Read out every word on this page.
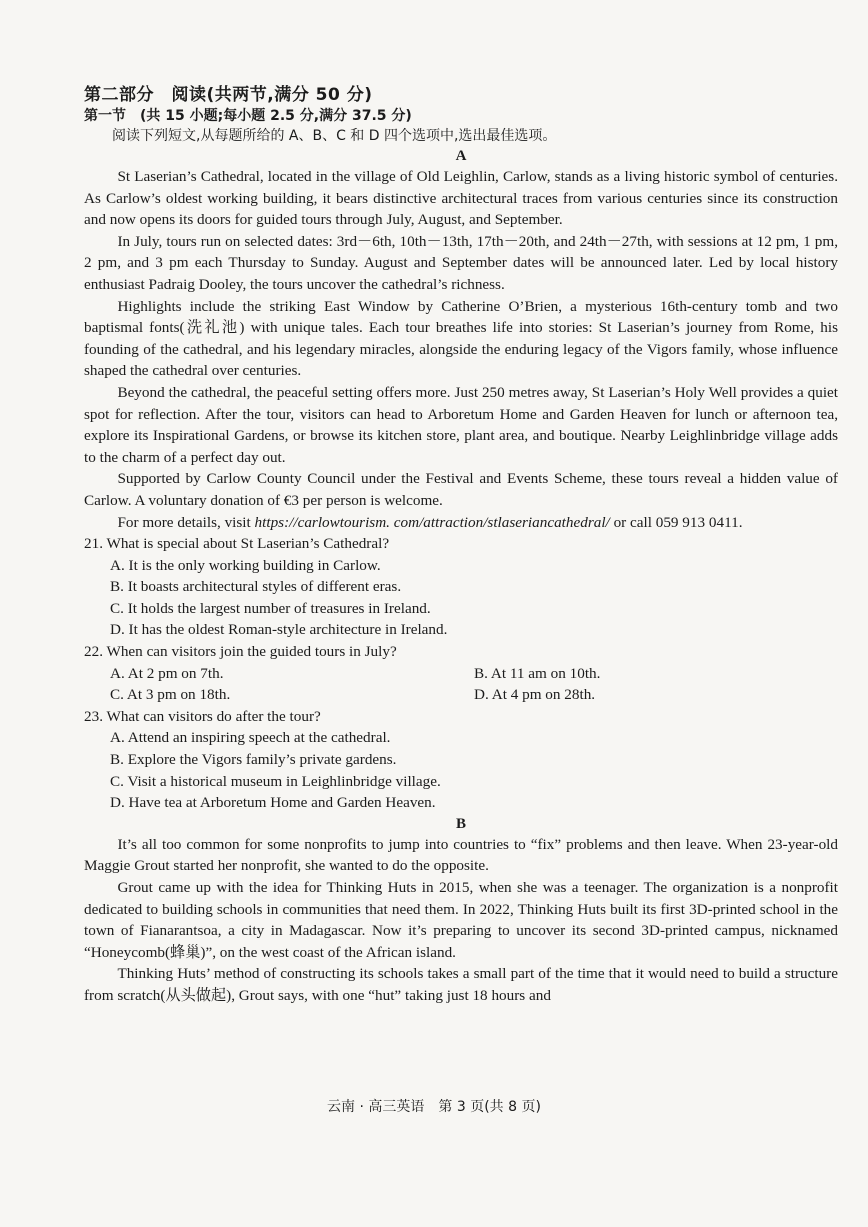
第二部分　阅读(共两节,满分 50 分)
第一节　(共 15 小题;每小题 2.5 分,满分 37.5 分)
阅读下列短文,从每题所给的 A、B、C 和 D 四个选项中,选出最佳选项。
A

St Laserian’s Cathedral, located in the village of Old Leighlin, Carlow, stands as a living historic symbol of centuries. As Carlow’s oldest working building, it bears distinctive architectural traces from various centuries since its construction and now opens its doors for guided tours through July, August, and September.

In July, tours run on selected dates: 3rd－6th, 10th－13th, 17th－20th, and 24th－27th, with sessions at 12 pm, 1 pm, 2 pm, and 3 pm each Thursday to Sunday. August and September dates will be announced later. Led by local history enthusiast Padraig Dooley, the tours uncover the cathedral’s richness.

Highlights include the striking East Window by Catherine O’Brien, a mysterious 16th-century tomb and two baptismal fonts(洗礼池) with unique tales. Each tour breathes life into stories: St Laserian’s journey from Rome, his founding of the cathedral, and his legendary miracles, alongside the enduring legacy of the Vigors family, whose influence shaped the cathedral over centuries.

Beyond the cathedral, the peaceful setting offers more. Just 250 metres away, St Laserian’s Holy Well provides a quiet spot for reflection. After the tour, visitors can head to Arboretum Home and Garden Heaven for lunch or afternoon tea, explore its Inspirational Gardens, or browse its kitchen store, plant area, and boutique. Nearby Leighlinbridge village adds to the charm of a perfect day out.

Supported by Carlow County Council under the Festival and Events Scheme, these tours reveal a hidden value of Carlow. A voluntary donation of €3 per person is welcome.

For more details, visit https://carlowtourism. com/attraction/stlaseriancathedral/ or call 059 913 0411.

21. What is special about St Laserian’s Cathedral?
A. It is the only working building in Carlow.
B. It boasts architectural styles of different eras.
C. It holds the largest number of treasures in Ireland.
D. It has the oldest Roman-style architecture in Ireland.
22. When can visitors join the guided tours in July?
A. At 2 pm on 7th.	B. At 11 am on 10th.
C. At 3 pm on 18th.	D. At 4 pm on 28th.
23. What can visitors do after the tour?
A. Attend an inspiring speech at the cathedral.
B. Explore the Vigors family’s private gardens.
C. Visit a historical museum in Leighlinbridge village.
D. Have tea at Arboretum Home and Garden Heaven.
B

It’s all too common for some nonprofits to jump into countries to “fix” problems and then leave. When 23-year-old Maggie Grout started her nonprofit, she wanted to do the opposite.

Grout came up with the idea for Thinking Huts in 2015, when she was a teenager. The organization is a nonprofit dedicated to building schools in communities that need them. In 2022, Thinking Huts built its first 3D-printed school in the town of Fianarantsoa, a city in Madagascar. Now it’s preparing to uncover its second 3D-printed campus, nicknamed “Honeycomb(蜂巢)”, on the west coast of the African island.

Thinking Huts’ method of constructing its schools takes a small part of the time that it would need to build a structure from scratch(从头做起), Grout says, with one “hut” taking just 18 hours and

云南 · 高三英语　第 3 页(共 8 页)
